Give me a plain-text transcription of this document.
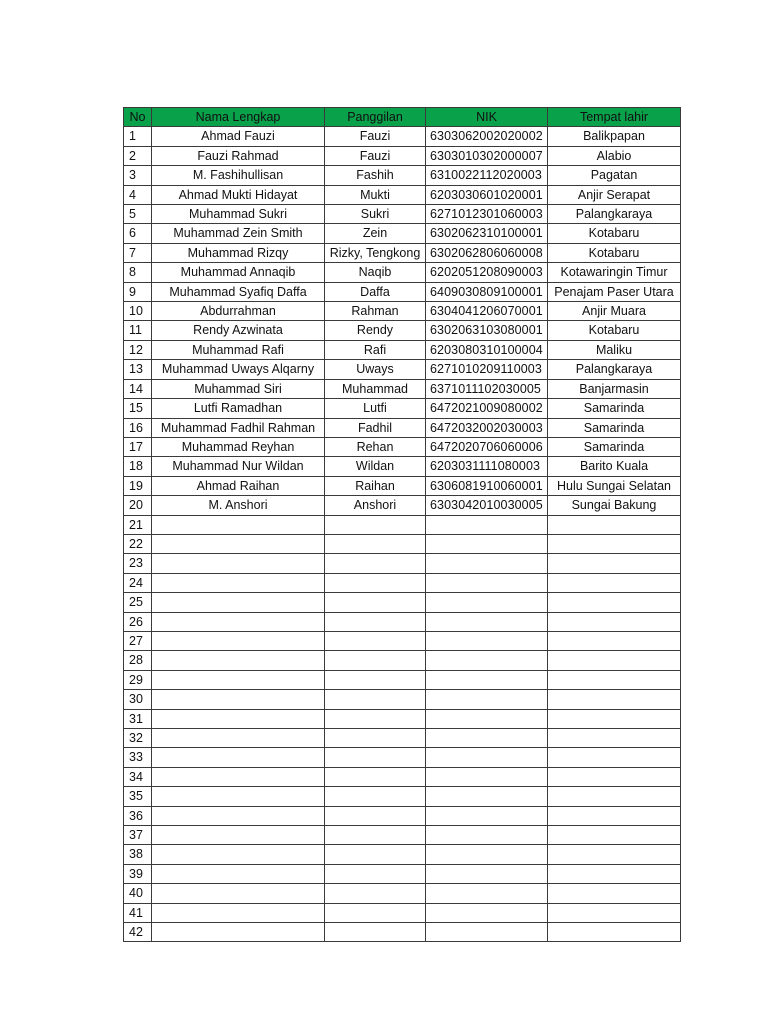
No	Nama Lengkap	Panggilan	NIK	Tempat lahir
1	Ahmad Fauzi	Fauzi	6303062002020002	Balikpapan
2	Fauzi Rahmad	Fauzi	6303010302000007	Alabio
3	M. Fashihullisan	Fashih	6310022112020003	Pagatan
4	Ahmad Mukti Hidayat	Mukti	6203030601020001	Anjir Serapat
5	Muhammad Sukri	Sukri	6271012301060003	Palangkaraya
6	Muhammad Zein Smith	Zein	6302062310100001	Kotabaru
7	Muhammad Rizqy	Rizky, Tengkong	6302062806060008	Kotabaru
8	Muhammad Annaqib	Naqib	6202051208090003	Kotawaringin Timur
9	Muhammad Syafiq Daffa	Daffa	6409030809100001	Penajam Paser Utara
10	Abdurrahman	Rahman	6304041206070001	Anjir Muara
11	Rendy Azwinata	Rendy	6302063103080001	Kotabaru
12	Muhammad Rafi	Rafi	6203080310100004	Maliku
13	Muhammad Uways Alqarny	Uways	6271010209110003	Palangkaraya
14	Muhammad Siri	Muhammad	6371011102030005	Banjarmasin
15	Lutfi Ramadhan	Lutfi	6472021009080002	Samarinda
16	Muhammad Fadhil Rahman	Fadhil	6472032002030003	Samarinda
17	Muhammad Reyhan	Rehan	6472020706060006	Samarinda
18	Muhammad Nur Wildan	Wildan	6203031111080003	Barito Kuala
19	Ahmad Raihan	Raihan	6306081910060001	Hulu Sungai Selatan
20	M. Anshori	Anshori	6303042010030005	Sungai Bakung
21				
22				
23				
24				
25				
26				
27				
28				
29				
30				
31				
32				
33				
34				
35				
36				
37				
38				
39				
40				
41				
42				
